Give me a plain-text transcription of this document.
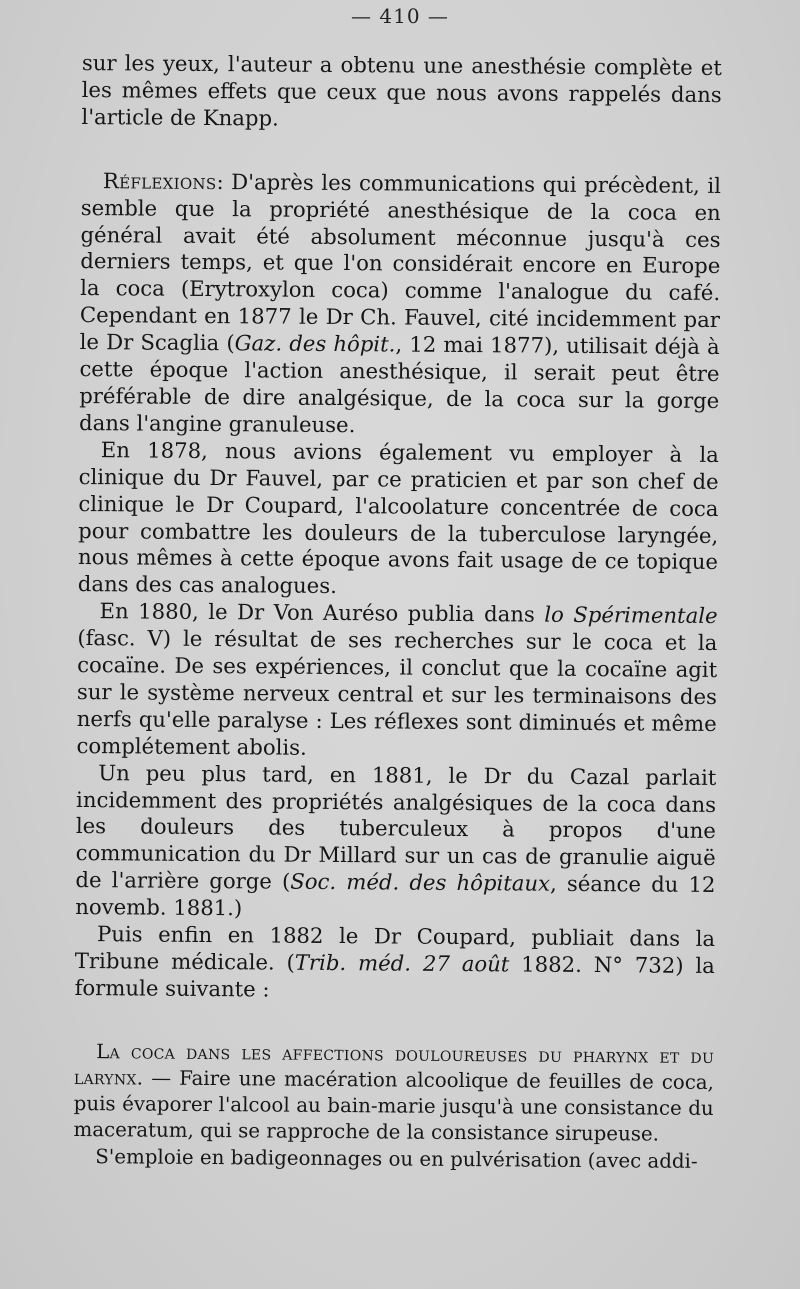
— 410 —

sur les yeux, l'auteur a obtenu une anesthésie complète et les mêmes effets que ceux que nous avons rappelés dans l'article de Knapp.

Réflexions: D'après les communications qui précèdent, il semble que la propriété anesthésique de la coca en général avait été absolument méconnue jusqu'à ces derniers temps, et que l'on considérait encore en Europe la coca (Erytroxylon coca) comme l'analogue du café. Cependant en 1877 le Dr Ch. Fauvel, cité incidemment par le Dr Scaglia (Gaz. des hôpit., 12 mai 1877), utilisait déjà à cette époque l'action anesthésique, il serait peut être préférable de dire analgésique, de la coca sur la gorge dans l'angine granuleuse.

En 1878, nous avions également vu employer à la clinique du Dr Fauvel, par ce praticien et par son chef de clinique le Dr Coupard, l'alcoolature concentrée de coca pour combattre les douleurs de la tuberculose laryngée, nous mêmes à cette époque avons fait usage de ce topique dans des cas analogues.

En 1880, le Dr Von Auréso publia dans lo Spérimentale (fasc. V) le résultat de ses recherches sur le coca et la cocaïne. De ses expériences, il conclut que la cocaïne agit sur le système nerveux central et sur les terminaisons des nerfs qu'elle paralyse : Les réflexes sont diminués et même complétement abolis.

Un peu plus tard, en 1881, le Dr du Cazal parlait incidemment des propriétés analgésiques de la coca dans les douleurs des tuberculeux à propos d'une communication du Dr Millard sur un cas de granulie aiguë de l'arrière gorge (Soc. méd. des hôpitaux, séance du 12 novemb. 1881.)

Puis enfin en 1882 le Dr Coupard, publiait dans la Tribune médicale. (Trib. méd. 27 août 1882. N° 732) la formule suivante :

La coca dans les affections douloureuses du pharynx et du larynx. — Faire une macération alcoolique de feuilles de coca, puis évaporer l'alcool au bain-marie jusqu'à une consistance du maceratum, qui se rapproche de la consistance sirupeuse.

S'emploie en badigeonnages ou en pulvérisation (avec addi-
